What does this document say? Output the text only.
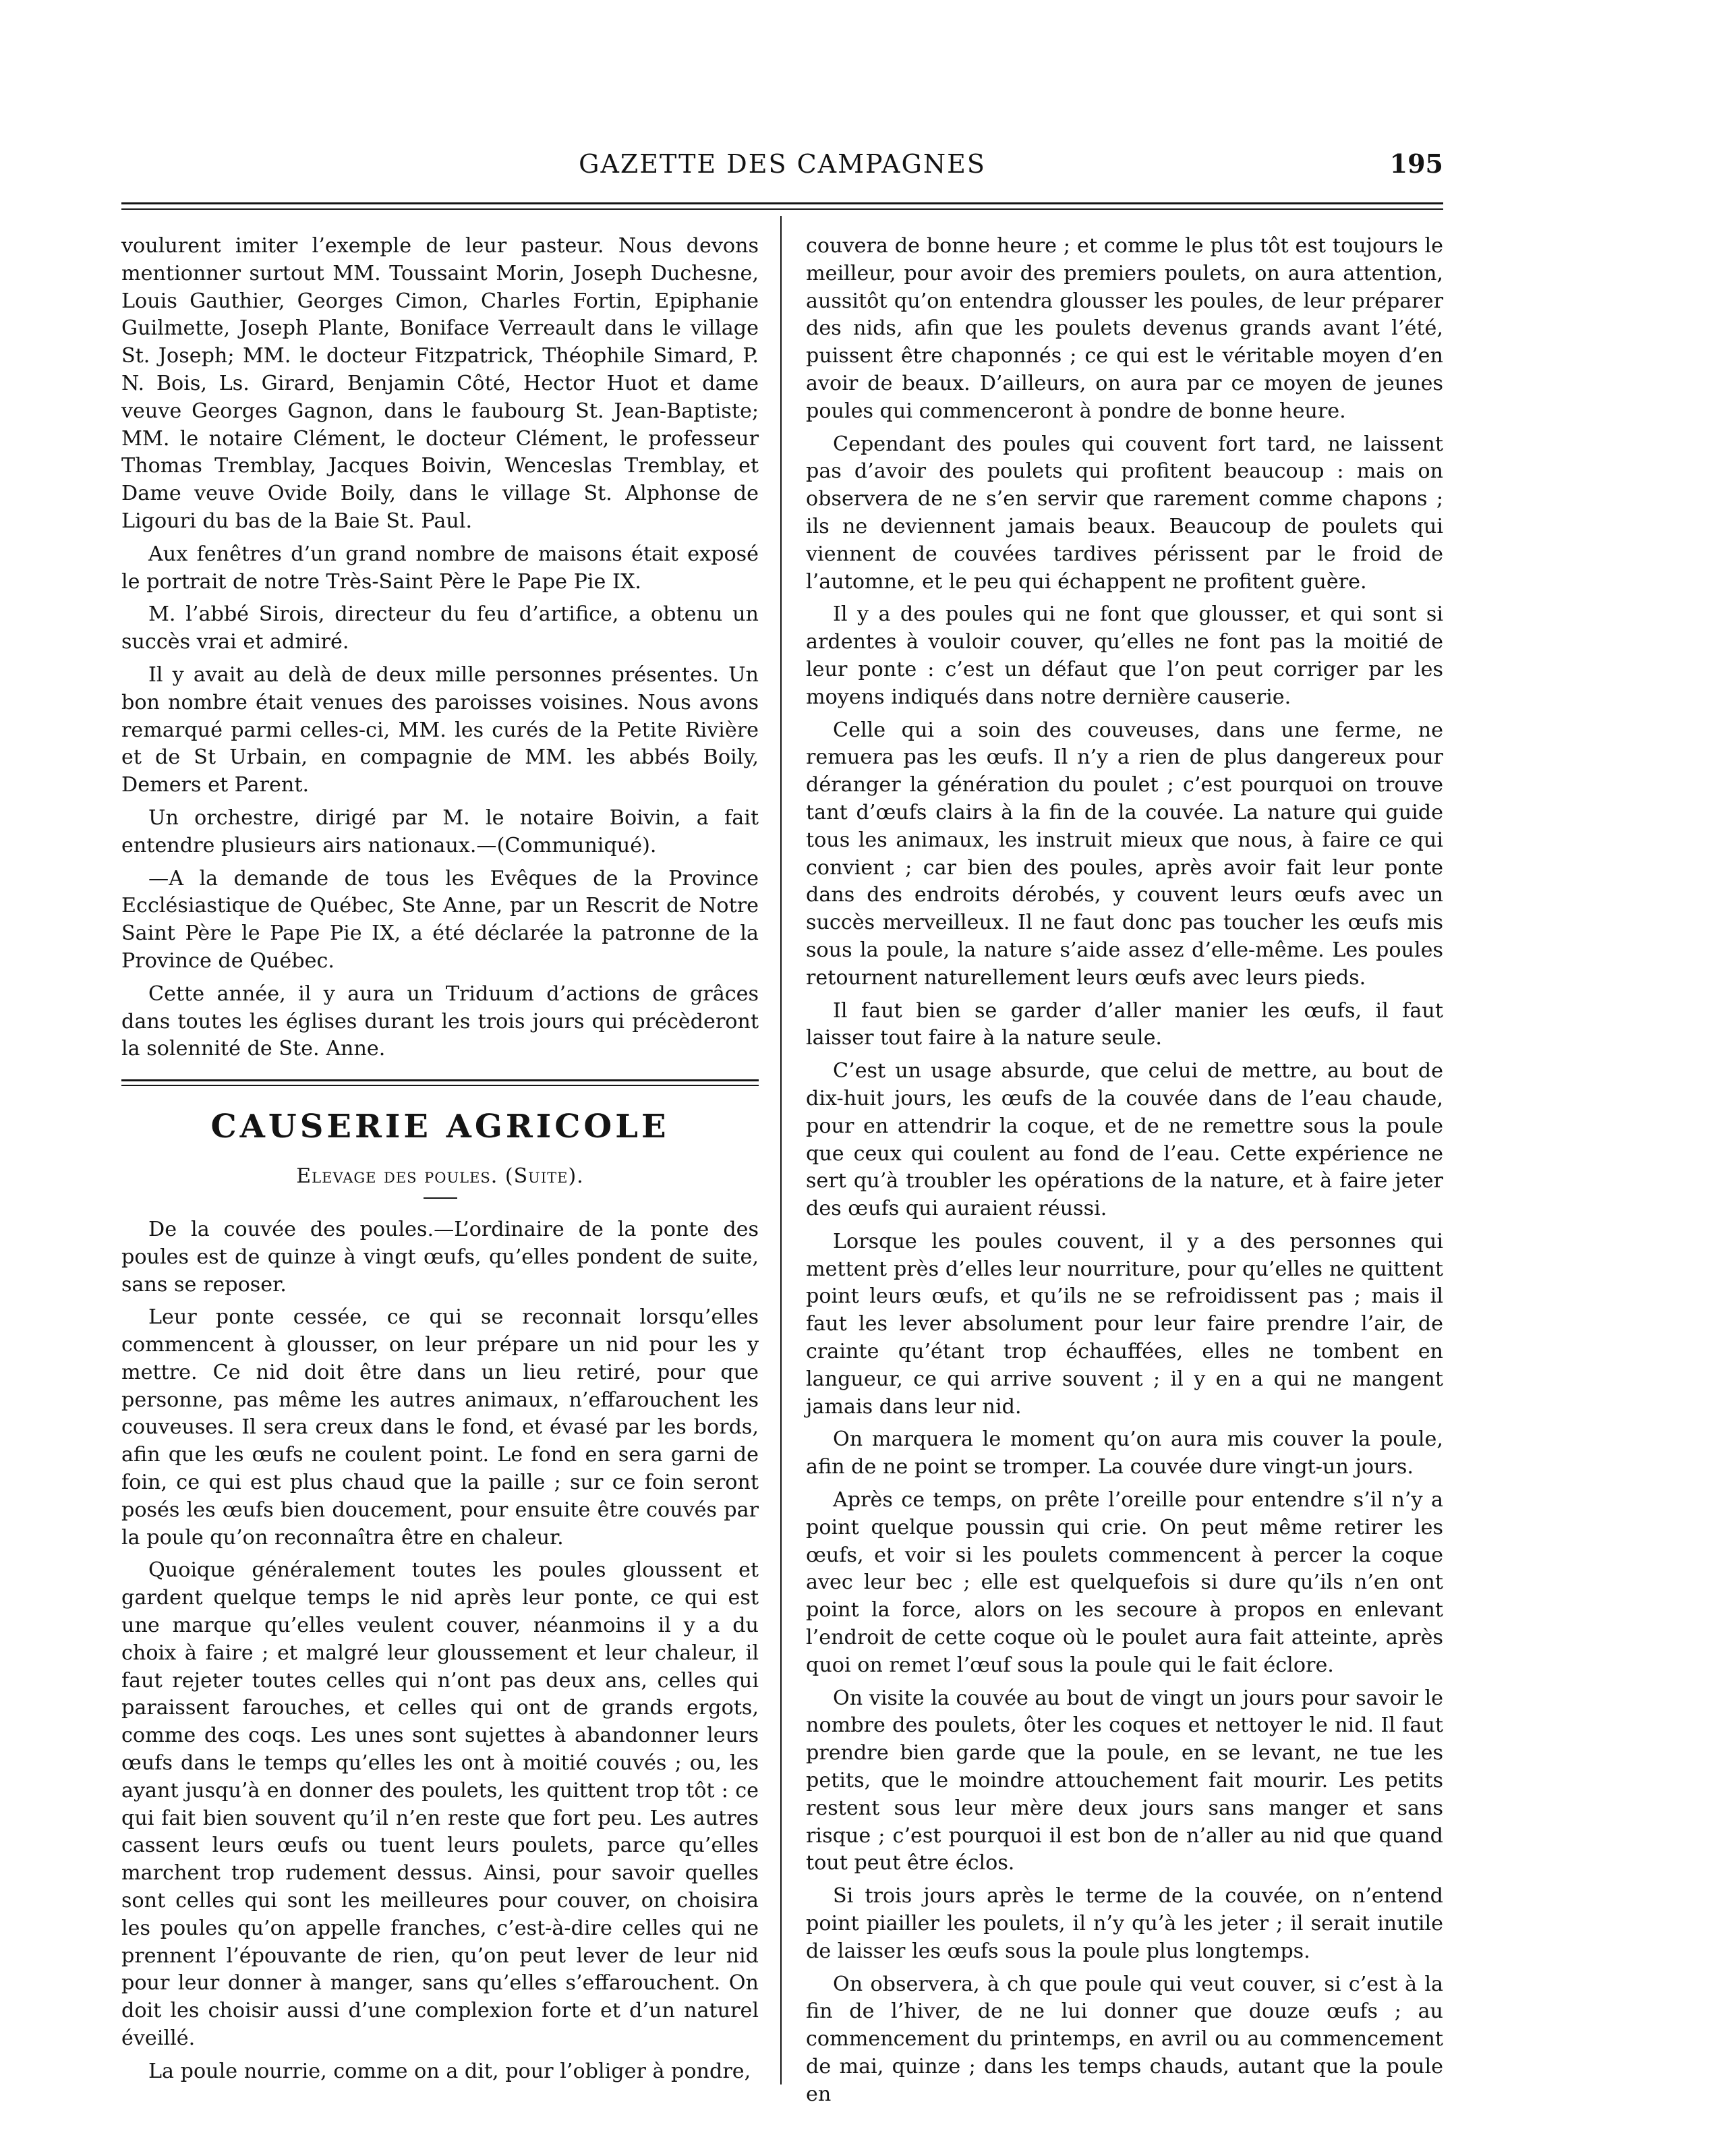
GAZETTE DES CAMPAGNES	195

voulurent imiter l’exemple de leur pasteur. Nous devons mentionner surtout MM. Toussaint Morin, Joseph Duchesne, Louis Gauthier, Georges Cimon, Charles Fortin, Epiphanie Guilmette, Joseph Plante, Boniface Verreault dans le village St. Joseph; MM. le docteur Fitzpatrick, Théophile Simard, P. N. Bois, Ls. Girard, Benjamin Côté, Hector Huot et dame veuve Georges Gagnon, dans le faubourg St. Jean-Baptiste; MM. le notaire Clément, le docteur Clément, le professeur Thomas Tremblay, Jacques Boivin, Wenceslas Tremblay, et Dame veuve Ovide Boily, dans le village St. Alphonse de Ligouri du bas de la Baie St. Paul.

Aux fenêtres d’un grand nombre de maisons était exposé le portrait de notre Très-Saint Père le Pape Pie IX.

M. l’abbé Sirois, directeur du feu d’artifice, a obtenu un succès vrai et admiré.

Il y avait au delà de deux mille personnes présentes. Un bon nombre était venues des paroisses voisines. Nous avons remarqué parmi celles-ci, MM. les curés de la Petite Rivière et de St Urbain, en compagnie de MM. les abbés Boily, Demers et Parent.

Un orchestre, dirigé par M. le notaire Boivin, a fait entendre plusieurs airs nationaux.—(Communiqué).

—A la demande de tous les Evêques de la Province Ecclésiastique de Québec, Ste Anne, par un Rescrit de Notre Saint Père le Pape Pie IX, a été déclarée la patronne de la Province de Québec.

Cette année, il y aura un Triduum d’actions de grâces dans toutes les églises durant les trois jours qui précèderont la solennité de Ste. Anne.

CAUSERIE AGRICOLE
Elevage des poules. (Suite).

De la couvée des poules.—L’ordinaire de la ponte des poules est de quinze à vingt œufs, qu’elles pondent de suite, sans se reposer.

Leur ponte cessée, ce qui se reconnait lorsqu’elles commencent à glousser, on leur prépare un nid pour les y mettre. Ce nid doit être dans un lieu retiré, pour que personne, pas même les autres animaux, n’effarouchent les couveuses. Il sera creux dans le fond, et évasé par les bords, afin que les œufs ne coulent point. Le fond en sera garni de foin, ce qui est plus chaud que la paille ; sur ce foin seront posés les œufs bien doucement, pour ensuite être couvés par la poule qu’on reconnaîtra être en chaleur.

Quoique généralement toutes les poules gloussent et gardent quelque temps le nid après leur ponte, ce qui est une marque qu’elles veulent couver, néanmoins il y a du choix à faire ; et malgré leur gloussement et leur chaleur, il faut rejeter toutes celles qui n’ont pas deux ans, celles qui paraissent farouches, et celles qui ont de grands ergots, comme des coqs. Les unes sont sujettes à abandonner leurs œufs dans le temps qu’elles les ont à moitié couvés ; ou, les ayant jusqu’à en donner des poulets, les quittent trop tôt : ce qui fait bien souvent qu’il n’en reste que fort peu. Les autres cassent leurs œufs ou tuent leurs poulets, parce qu’elles marchent trop rudement dessus. Ainsi, pour savoir quelles sont celles qui sont les meilleures pour couver, on choisira les poules qu’on appelle franches, c’est-à-dire celles qui ne prennent l’épouvante de rien, qu’on peut lever de leur nid pour leur donner à manger, sans qu’elles s’effarouchent. On doit les choisir aussi d’une complexion forte et d’un naturel éveillé.

La poule nourrie, comme on a dit, pour l’obliger à pondre,

couvera de bonne heure ; et comme le plus tôt est toujours le meilleur, pour avoir des premiers poulets, on aura attention, aussitôt qu’on entendra glousser les poules, de leur préparer des nids, afin que les poulets devenus grands avant l’été, puissent être chaponnés ; ce qui est le véritable moyen d’en avoir de beaux. D’ailleurs, on aura par ce moyen de jeunes poules qui commenceront à pondre de bonne heure.

Cependant des poules qui couvent fort tard, ne laissent pas d’avoir des poulets qui profitent beaucoup : mais on observera de ne s’en servir que rarement comme chapons ; ils ne deviennent jamais beaux. Beaucoup de poulets qui viennent de couvées tardives périssent par le froid de l’automne, et le peu qui échappent ne profitent guère.

Il y a des poules qui ne font que glousser, et qui sont si ardentes à vouloir couver, qu’elles ne font pas la moitié de leur ponte : c’est un défaut que l’on peut corriger par les moyens indiqués dans notre dernière causerie.

Celle qui a soin des couveuses, dans une ferme, ne remuera pas les œufs. Il n’y a rien de plus dangereux pour déranger la génération du poulet ; c’est pourquoi on trouve tant d’œufs clairs à la fin de la couvée. La nature qui guide tous les animaux, les instruit mieux que nous, à faire ce qui convient ; car bien des poules, après avoir fait leur ponte dans des endroits dérobés, y couvent leurs œufs avec un succès merveilleux. Il ne faut donc pas toucher les œufs mis sous la poule, la nature s’aide assez d’elle-même. Les poules retournent naturellement leurs œufs avec leurs pieds.

Il faut bien se garder d’aller manier les œufs, il faut laisser tout faire à la nature seule.

C’est un usage absurde, que celui de mettre, au bout de dix-huit jours, les œufs de la couvée dans de l’eau chaude, pour en attendrir la coque, et de ne remettre sous la poule que ceux qui coulent au fond de l’eau. Cette expérience ne sert qu’à troubler les opérations de la nature, et à faire jeter des œufs qui auraient réussi.

Lorsque les poules couvent, il y a des personnes qui mettent près d’elles leur nourriture, pour qu’elles ne quittent point leurs œufs, et qu’ils ne se refroidissent pas ; mais il faut les lever absolument pour leur faire prendre l’air, de crainte qu’étant trop échauffées, elles ne tombent en langueur, ce qui arrive souvent ; il y en a qui ne mangent jamais dans leur nid.

On marquera le moment qu’on aura mis couver la poule, afin de ne point se tromper. La couvée dure vingt-un jours.

Après ce temps, on prête l’oreille pour entendre s’il n’y a point quelque poussin qui crie. On peut même retirer les œufs, et voir si les poulets commencent à percer la coque avec leur bec ; elle est quelquefois si dure qu’ils n’en ont point la force, alors on les secoure à propos en enlevant l’endroit de cette coque où le poulet aura fait atteinte, après quoi on remet l’œuf sous la poule qui le fait éclore.

On visite la couvée au bout de vingt un jours pour savoir le nombre des poulets, ôter les coques et nettoyer le nid. Il faut prendre bien garde que la poule, en se levant, ne tue les petits, que le moindre attouchement fait mourir. Les petits restent sous leur mère deux jours sans manger et sans risque ; c’est pourquoi il est bon de n’aller au nid que quand tout peut être éclos.

Si trois jours après le terme de la couvée, on n’entend point piailler les poulets, il n’y qu’à les jeter ; il serait inutile de laisser les œufs sous la poule plus longtemps.

On observera, à ch que poule qui veut couver, si c’est à la fin de l’hiver, de ne lui donner que douze œufs ; au commencement du printemps, en avril ou au commencement de mai, quinze ; dans les temps chauds, autant que la poule en
